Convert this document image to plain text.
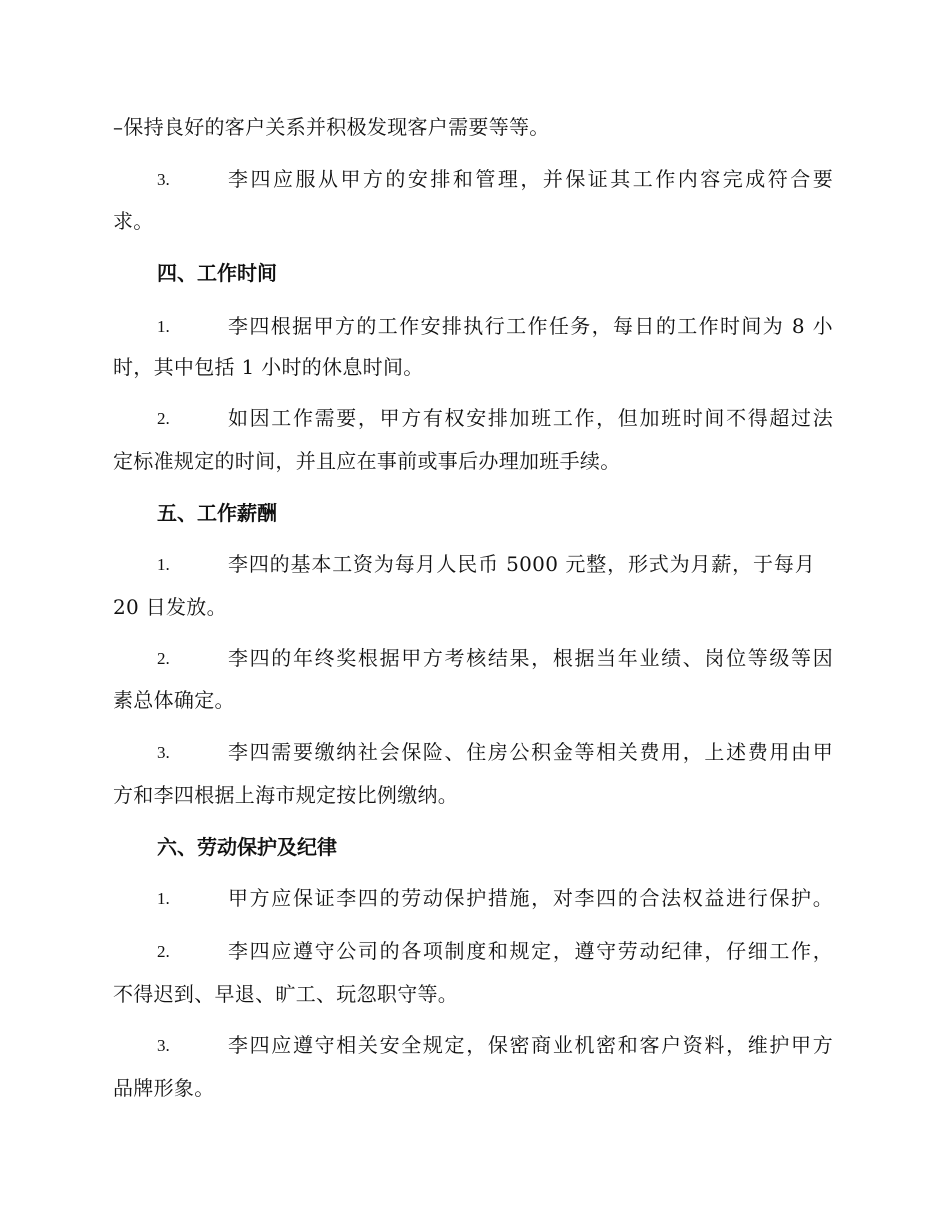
–保持良好的客户关系并积极发现客户需要等等。
3.	李四应服从甲方的安排和管理，并保证其工作内容完成符合要
求。
四、工作时间
1.	李四根据甲方的工作安排执行工作任务，每日的工作时间为 8 小
时，其中包括 1 小时的休息时间。
2.	如因工作需要，甲方有权安排加班工作，但加班时间不得超过法
定标准规定的时间，并且应在事前或事后办理加班手续。
五、工作薪酬
1.	李四的基本工资为每月人民币 5000 元整，形式为月薪，于每月
20 日发放。
2.	李四的年终奖根据甲方考核结果，根据当年业绩、岗位等级等因
素总体确定。
3.	李四需要缴纳社会保险、住房公积金等相关费用，上述费用由甲
方和李四根据上海市规定按比例缴纳。
六、劳动保护及纪律
1.	甲方应保证李四的劳动保护措施，对李四的合法权益进行保护。
2.	李四应遵守公司的各项制度和规定，遵守劳动纪律，仔细工作，
不得迟到、早退、旷工、玩忽职守等。
3.	李四应遵守相关安全规定，保密商业机密和客户资料，维护甲方
品牌形象。
